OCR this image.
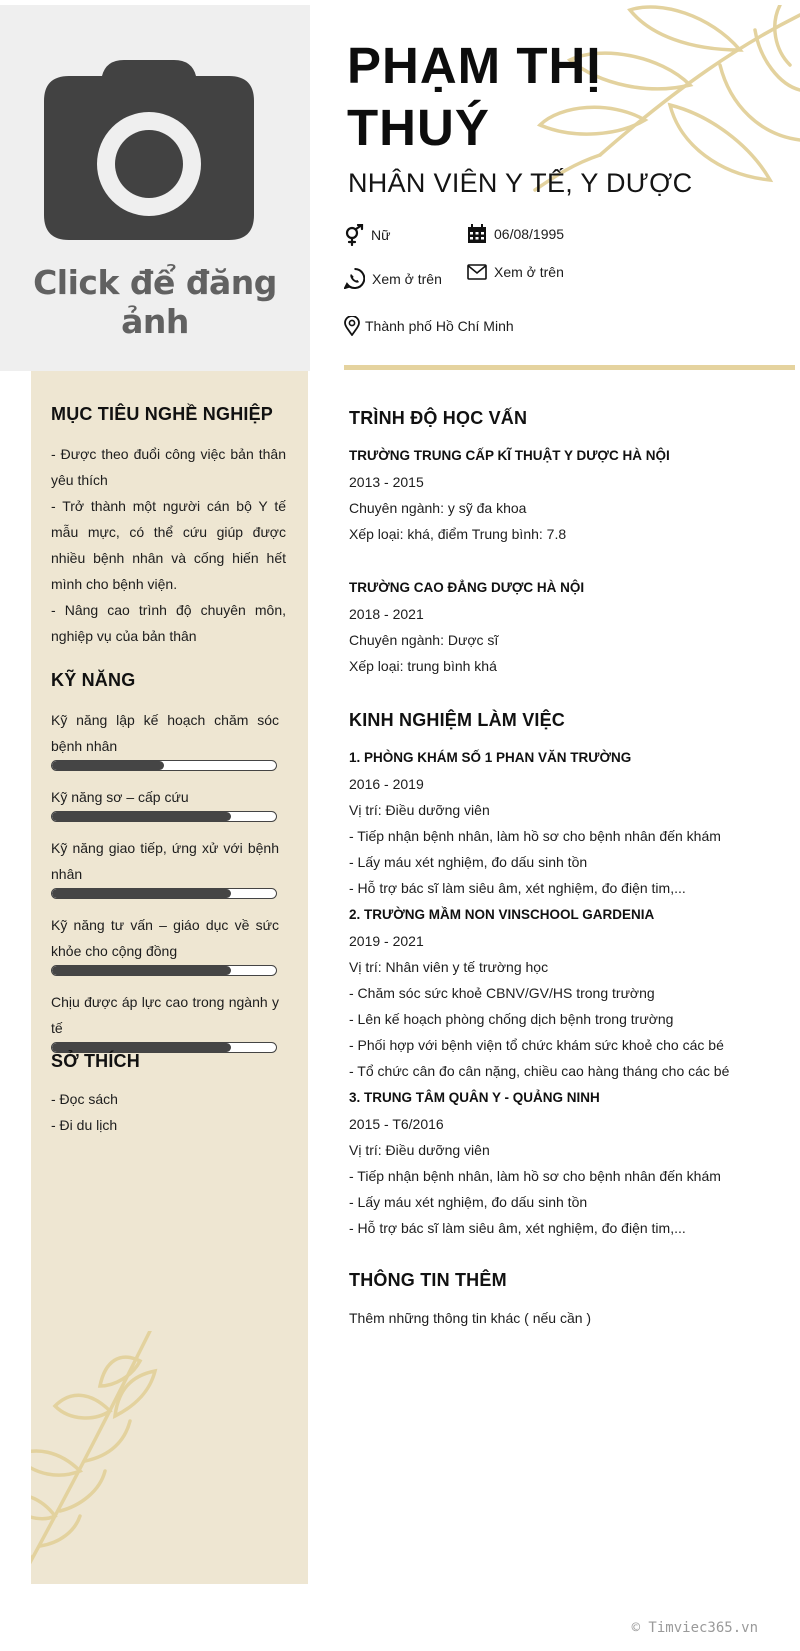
Click để đăng ảnh
MỤC TIÊU NGHỀ NGHIỆP

- Được theo đuổi công việc bản thân yêu thích

- Trở thành một người cán bộ Y tế mẫu mực, có thể cứu giúp được nhiều bệnh nhân và cống hiến hết mình cho bệnh viện.

- Nâng cao trình độ chuyên môn, nghiệp vụ của bản thân

KỸ NĂNG
Kỹ năng lập kế hoạch chăm sóc bệnh nhân
Kỹ năng sơ – cấp cứu
Kỹ năng giao tiếp, ứng xử với bệnh nhân
Kỹ năng tư vấn – giáo dục về sức khỏe cho cộng đồng
Chịu được áp lực cao trong ngành y tế
SỞ THÍCH

- Đọc sách

- Đi du lịch

PHẠM THỊ
THUÝ
NHÂN VIÊN Y TẾ, Y DƯỢC
Nữ	06/08/1995
Xem ở trên	Xem ở trên
Thành phố Hồ Chí Minh
TRÌNH ĐỘ HỌC VẤN
TRƯỜNG TRUNG CẤP KĨ THUẬT Y DƯỢC HÀ NỘI
2013 - 2015
Chuyên ngành: y sỹ đa khoa
Xếp loại: khá, điểm Trung bình: 7.8
TRƯỜNG CAO ĐẲNG DƯỢC HÀ NỘI
2018 - 2021
Chuyên ngành: Dược sĩ
Xếp loại: trung bình khá
KINH NGHIỆM LÀM VIỆC
1. PHÒNG KHÁM SỐ 1 PHAN VĂN TRƯỜNG
2016 - 2019
Vị trí: Điều dưỡng viên
- Tiếp nhận bệnh nhân, làm hồ sơ cho bệnh nhân đến khám
- Lấy máu xét nghiệm, đo dấu sinh tồn
- Hỗ trợ bác sĩ làm siêu âm, xét nghiệm, đo điện tim,...
2. TRƯỜNG MẦM NON VINSCHOOL GARDENIA
2019 - 2021
Vị trí: Nhân viên y tế trường học
- Chăm sóc sức khoẻ CBNV/GV/HS trong trường
- Lên kế hoạch phòng chống dịch bệnh trong trường
- Phối hợp với bệnh viện tổ chức khám sức khoẻ cho các bé
- Tổ chức cân đo cân nặng, chiều cao hàng tháng cho các bé
3. TRUNG TÂM QUÂN Y - QUẢNG NINH
2015 - T6/2016
Vị trí: Điều dưỡng viên
- Tiếp nhận bệnh nhân, làm hồ sơ cho bệnh nhân đến khám
- Lấy máu xét nghiệm, đo dấu sinh tồn
- Hỗ trợ bác sĩ làm siêu âm, xét nghiệm, đo điện tim,...
THÔNG TIN THÊM
Thêm những thông tin khác ( nếu cần )
© Timviec365.vn
